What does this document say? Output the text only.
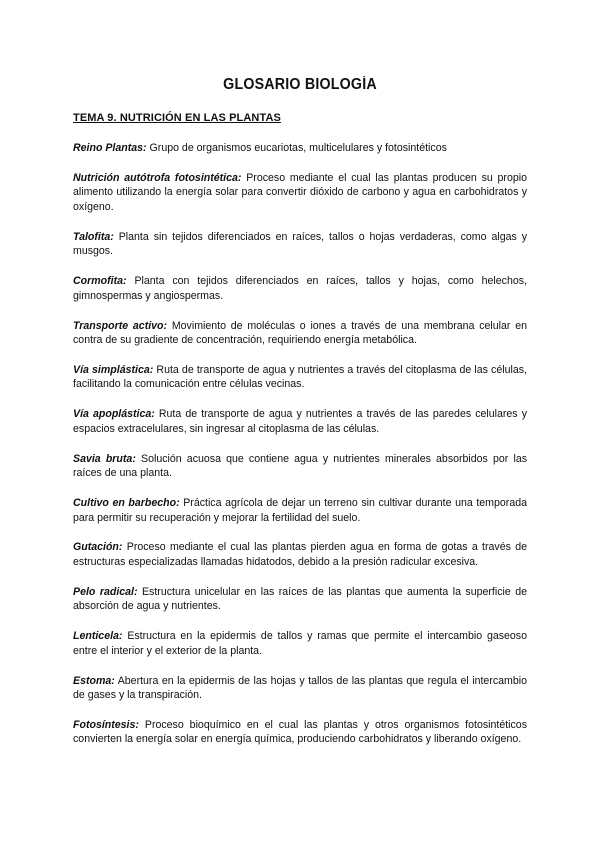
GLOSARIO BIOLOGÍA
TEMA 9. NUTRICIÓN EN LAS PLANTAS
Reino Plantas: Grupo de organismos eucariotas, multicelulares y fotosintéticos
Nutrición autótrofa fotosintética: Proceso mediante el cual las plantas producen su propio alimento utilizando la energía solar para convertir dióxido de carbono y agua en carbohidratos y oxígeno.
Talofita: Planta sin tejidos diferenciados en raíces, tallos o hojas verdaderas, como algas y musgos.
Cormofita: Planta con tejidos diferenciados en raíces, tallos y hojas, como helechos, gimnospermas y angiospermas.
Transporte activo: Movimiento de moléculas o iones a través de una membrana celular en contra de su gradiente de concentración, requiriendo energía metabólica.
Vía simplástica: Ruta de transporte de agua y nutrientes a través del citoplasma de las células, facilitando la comunicación entre células vecinas.
Vía apoplástica: Ruta de transporte de agua y nutrientes a través de las paredes celulares y espacios extracelulares, sin ingresar al citoplasma de las células.
Savia bruta: Solución acuosa que contiene agua y nutrientes minerales absorbidos por las raíces de una planta.
Cultivo en barbecho: Práctica agrícola de dejar un terreno sin cultivar durante una temporada para permitir su recuperación y mejorar la fertilidad del suelo.
Gutación: Proceso mediante el cual las plantas pierden agua en forma de gotas a través de estructuras especializadas llamadas hidatodos, debido a la presión radicular excesiva.
Pelo radical: Estructura unicelular en las raíces de las plantas que aumenta la superficie de absorción de agua y nutrientes.
Lenticela: Estructura en la epidermis de tallos y ramas que permite el intercambio gaseoso entre el interior y el exterior de la planta.
Estoma: Abertura en la epidermis de las hojas y tallos de las plantas que regula el intercambio de gases y la transpiración.
Fotosíntesis: Proceso bioquímico en el cual las plantas y otros organismos fotosintéticos convierten la energía solar en energía química, produciendo carbohidratos y liberando oxígeno.
